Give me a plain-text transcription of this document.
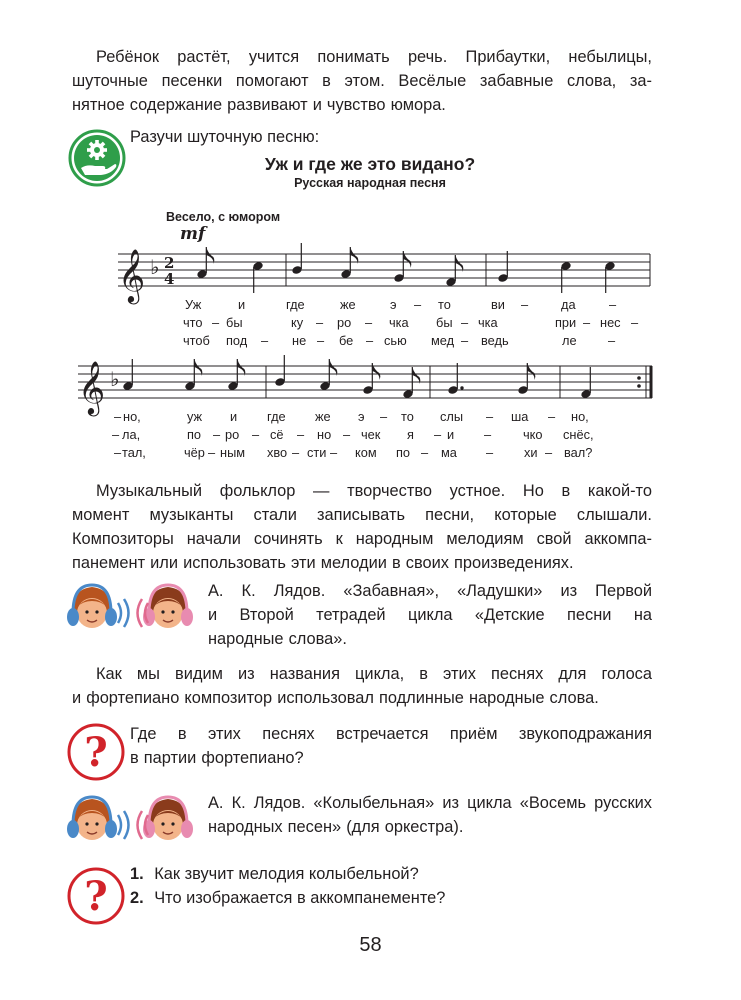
Ребёнок растёт, учится понимать речь. Прибаутки, небылицы,
шуточные песенки помогают в этом. Весёлые забавные слова, за-
нятное содержание развивают и чувство юмора.
Разучи шуточную песню:
Уж и где же это видано?
Русская народная песня
Весело, с юмором
mf
𝄞 ♭ 2
4
Уж	и	где	же	э – то	ви –	да	–
что – бы	ку – ро – чка бы – чка	при – нес –
чтоб под – не – бе – сью мед – ведь	ле –
𝄞 ♭
– но,	уж и где же э – то слы – ша – но,
– ла,	по – ро – сё – но – чек я – и – чко снёс,
– тал,	чёр – ным хво – сти – ком по – ма – хи – вал?
Музыкальный фольклор — творчество устное. Но в какой-то
момент музыканты стали записывать песни, которые слышали.
Композиторы начали сочинять к народным мелодиям свой аккомпа-
панемент или использовать эти мелодии в своих произведениях.
А. К. Лядов. «Забавная», «Ладушки» из Первой
и Второй тетрадей цикла «Детские песни на
народные слова».
Как мы видим из названия цикла, в этих песнях для голоса
и фортепиано композитор использовал подлинные народные слова.
? Где в этих песнях встречается приём звукоподражания
в партии фортепиано?
А. К. Лядов. «Колыбельная» из цикла «Восемь русских
народных песен» (для оркестра).
? 1. Как звучит мелодия колыбельной?
2. Что изображается в аккомпанементе?
58
